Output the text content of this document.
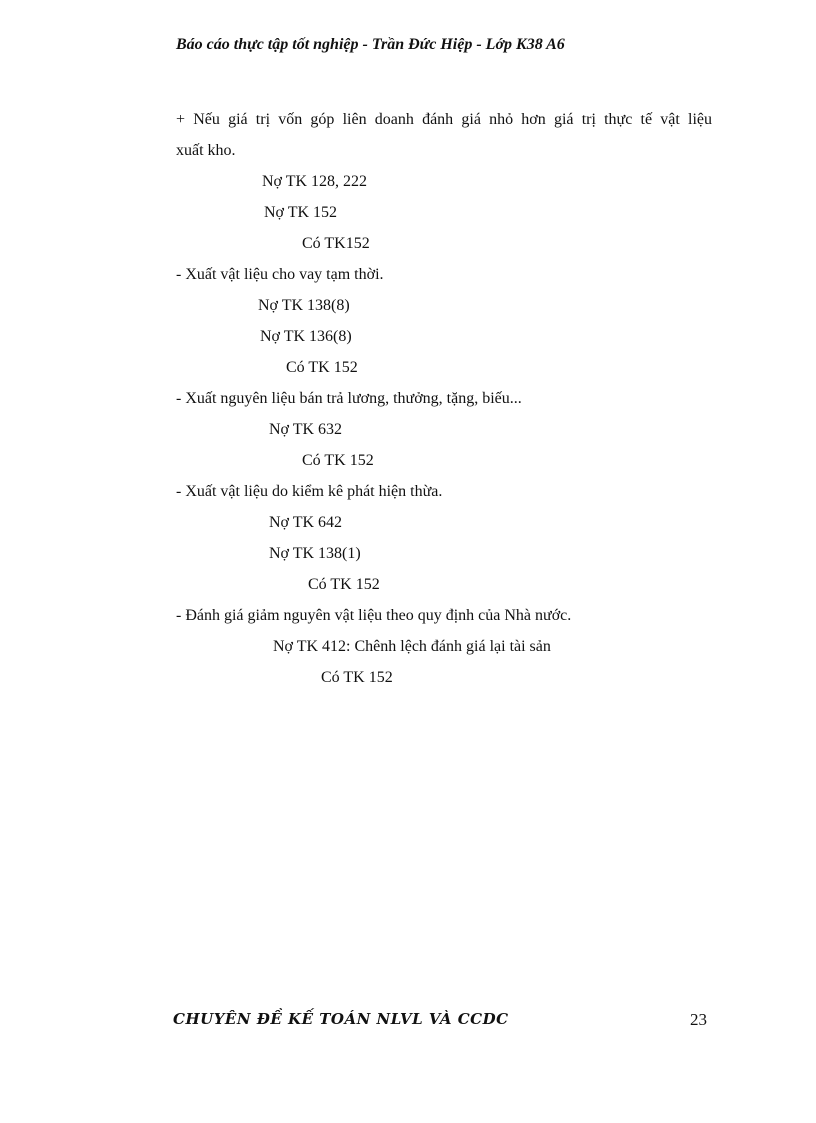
Báo cáo thực tập tốt nghiệp - Trần Đức Hiệp - Lớp K38 A6
+ Nếu giá trị vốn góp liên doanh đánh giá nhỏ hơn giá trị thực tế vật liệu
xuất kho.
Nợ TK 128, 222
Nợ TK 152
Có TK152
- Xuất vật liệu cho vay tạm thời.
Nợ TK 138(8)
Nợ TK 136(8)
Có TK 152
- Xuất nguyên liệu bán trả lương, thưởng, tặng, biếu...
Nợ TK 632
Có TK 152
- Xuất vật liệu do kiểm kê phát hiện thừa.
Nợ TK 642
Nợ TK 138(1)
Có TK 152
- Đánh giá giảm nguyên vật liệu theo quy định của Nhà nước.
Nợ TK 412: Chênh lệch đánh giá lại tài sản
Có TK 152
CHUYÊN ĐỀ KẾ TOÁN NLVL VÀ CCDC	23
